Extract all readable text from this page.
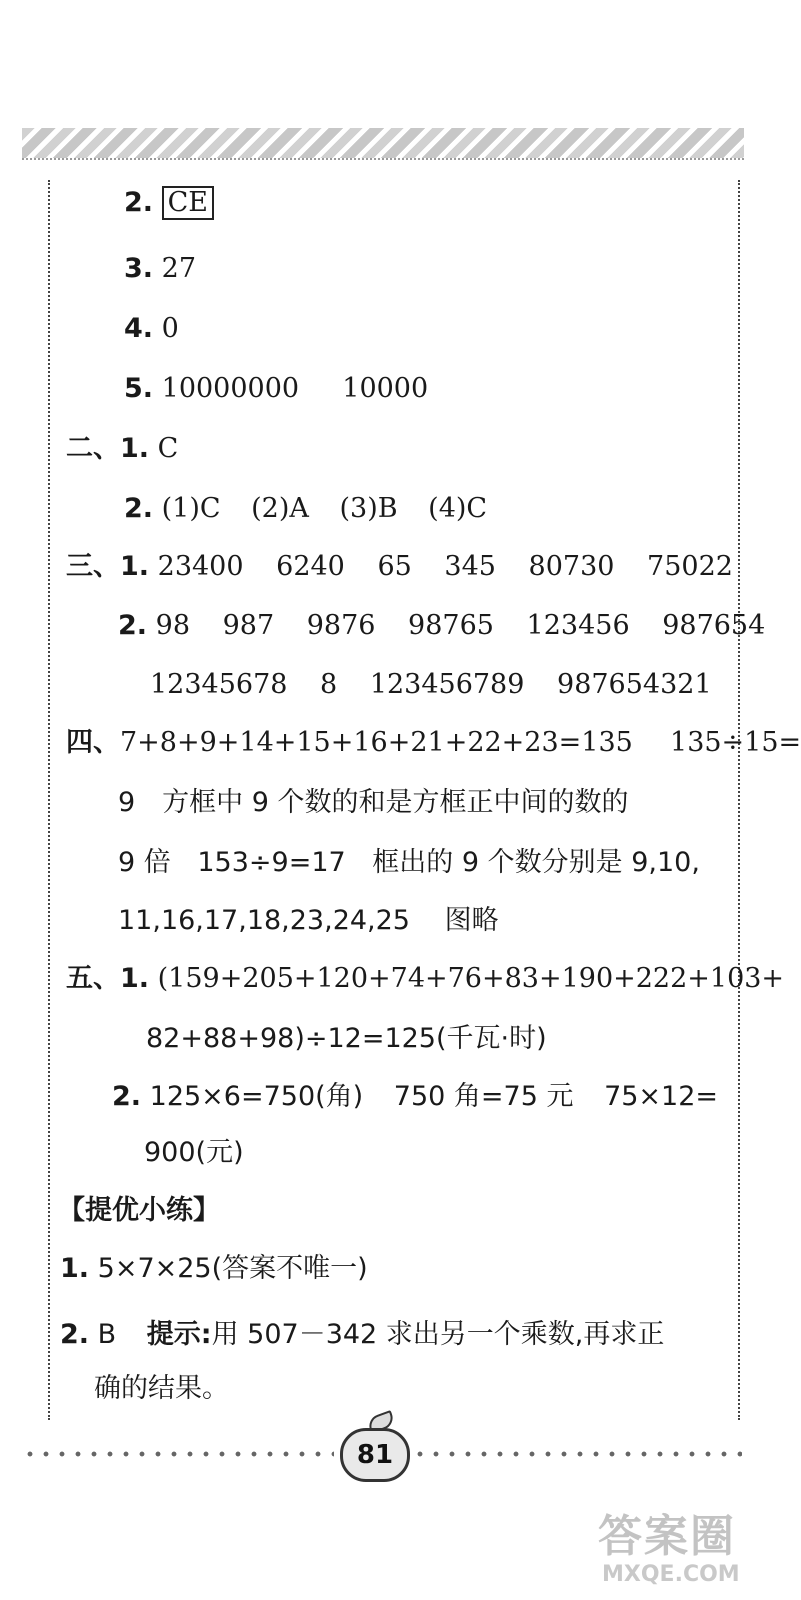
2. CE
3. 27
4. 0
5. 10000000 10000
二、1. C
2. (1)C (2)A (3)B (4)C
三、1. 23400 6240 65 345 80730 75022
2. 98 987 9876 98765 123456 987654
12345678 8 123456789 987654321
四、7+8+9+14+15+16+21+22+23=135 135÷15=
9　方框中 9 个数的和是方框正中间的数的
9 倍 153÷9=17 框出的 9 个数分别是 9,10,
11,16,17,18,23,24,25 图略
五、1. (159+205+120+74+76+83+190+222+103+
82+88+98)÷12=125(千瓦·时)
2. 125×6=750(角) 750 角=75 元 75×12=
900(元)
【提优小练】
1. 5×7×25(答案不唯一)
2. B 提示:用 507－342 求出另一个乘数,再求正
确的结果。
81
答案圈
MXQE.COM
